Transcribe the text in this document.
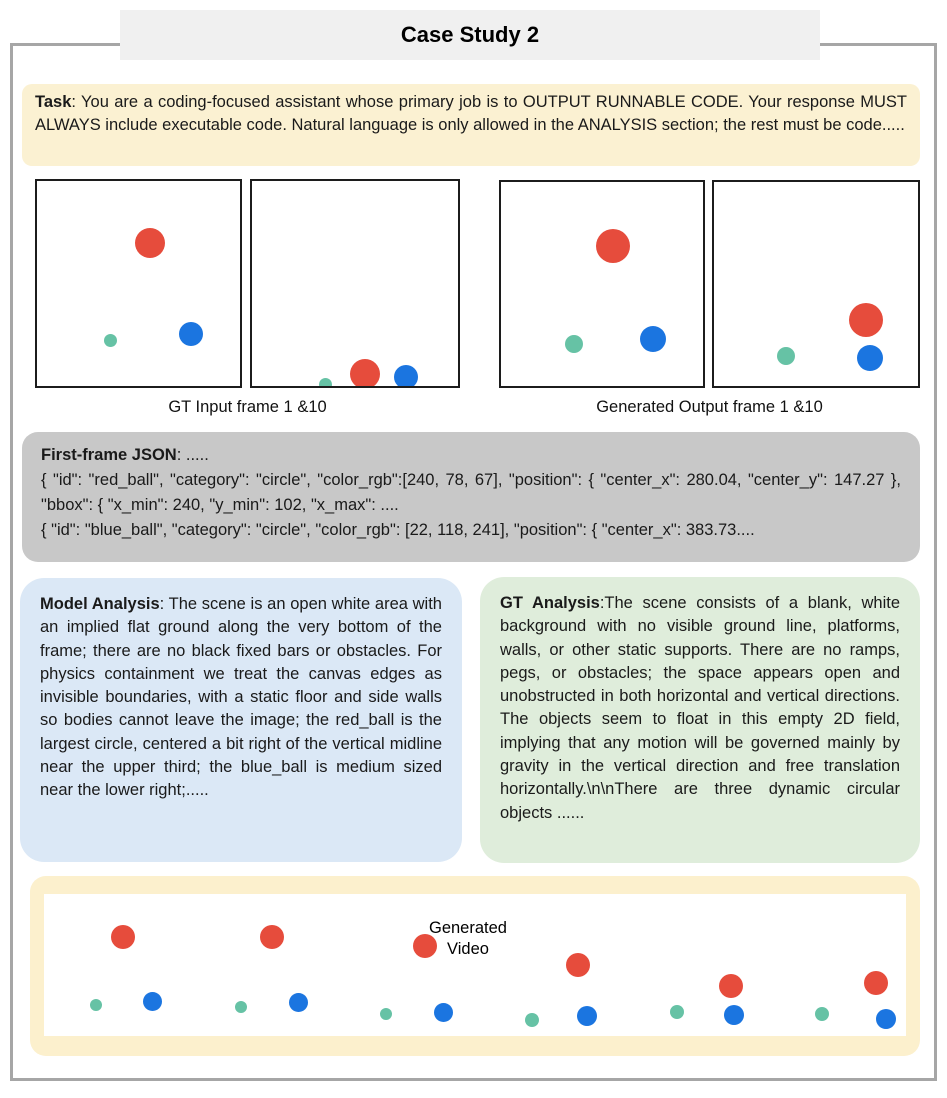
Case Study 2
Task: You are a coding-focused assistant whose primary job is to OUTPUT RUNNABLE CODE. Your response MUST ALWAYS include executable code. Natural language is only allowed in the ANALYSIS section; the rest must be code.....
GT Input frame 1 &10	Generated Output frame 1 &10
First-frame JSON: .....
{ "id": "red_ball", "category": "circle", "color_rgb":[240, 78, 67], "position": { "center_x": 280.04, "center_y": 147.27 }, "bbox": { "x_min": 240, "y_min": 102, "x_max": ....
{ "id": "blue_ball", "category": "circle", "color_rgb": [22, 118, 241], "position": { "center_x": 383.73....
Model Analysis: The scene is an open white area with an implied flat ground along the very bottom of the frame; there are no black fixed bars or obstacles. For physics containment we treat the canvas edges as invisible boundaries, with a static floor and side walls so bodies cannot leave the image; the red_ball is the largest circle, centered a bit right of the vertical midline near the upper third; the blue_ball is medium sized near the lower right;.....
GT Analysis:The scene consists of a blank, white background with no visible ground line, platforms, walls, or other static supports. There are no ramps, pegs, or obstacles; the space appears open and unobstructed in both horizontal and vertical directions. The objects seem to float in this empty 2D field, implying that any motion will be governed mainly by gravity in the vertical direction and free translation horizontally.\n\nThere are three dynamic circular objects ......
Generated
Video
